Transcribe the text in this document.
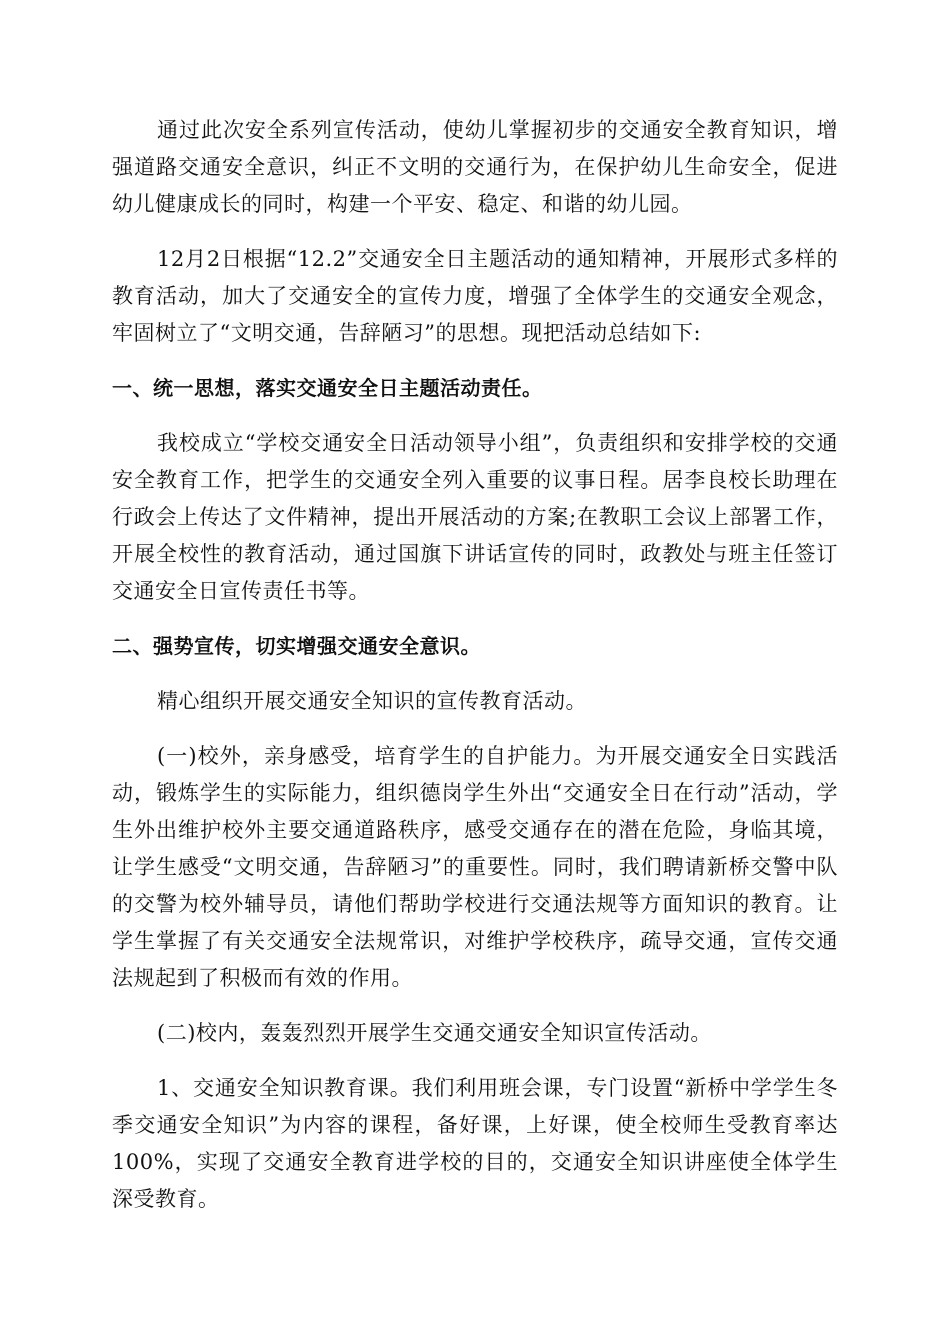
通过此次安全系列宣传活动，使幼儿掌握初步的交通安全教育知识，增强道路交通安全意识，纠正不文明的交通行为，在保护幼儿生命安全，促进幼儿健康成长的同时，构建一个平安、稳定、和谐的幼儿园。

12月2日根据“12.2”交通安全日主题活动的通知精神，开展形式多样的教育活动，加大了交通安全的宣传力度，增强了全体学生的交通安全观念，牢固树立了“文明交通，告辞陋习”的思想。现把活动总结如下:

一、统一思想，落实交通安全日主题活动责任。

我校成立“学校交通安全日活动领导小组”，负责组织和安排学校的交通安全教育工作，把学生的交通安全列入重要的议事日程。居李良校长助理在行政会上传达了文件精神，提出开展活动的方案;在教职工会议上部署工作，开展全校性的教育活动，通过国旗下讲话宣传的同时，政教处与班主任签订交通安全日宣传责任书等。

二、强势宣传，切实增强交通安全意识。

精心组织开展交通安全知识的宣传教育活动。

(一)校外，亲身感受，培育学生的自护能力。为开展交通安全日实践活动，锻炼学生的实际能力，组织德岗学生外出“交通安全日在行动”活动，学生外出维护校外主要交通道路秩序，感受交通存在的潜在危险，身临其境，让学生感受“文明交通，告辞陋习”的重要性。同时，我们聘请新桥交警中队的交警为校外辅导员，请他们帮助学校进行交通法规等方面知识的教育。让学生掌握了有关交通安全法规常识，对维护学校秩序，疏导交通，宣传交通法规起到了积极而有效的作用。

(二)校内，轰轰烈烈开展学生交通交通安全知识宣传活动。

1、交通安全知识教育课。我们利用班会课，专门设置“新桥中学学生冬季交通安全知识”为内容的课程，备好课，上好课，使全校师生受教育率达100%，实现了交通安全教育进学校的目的，交通安全知识讲座使全体学生深受教育。
